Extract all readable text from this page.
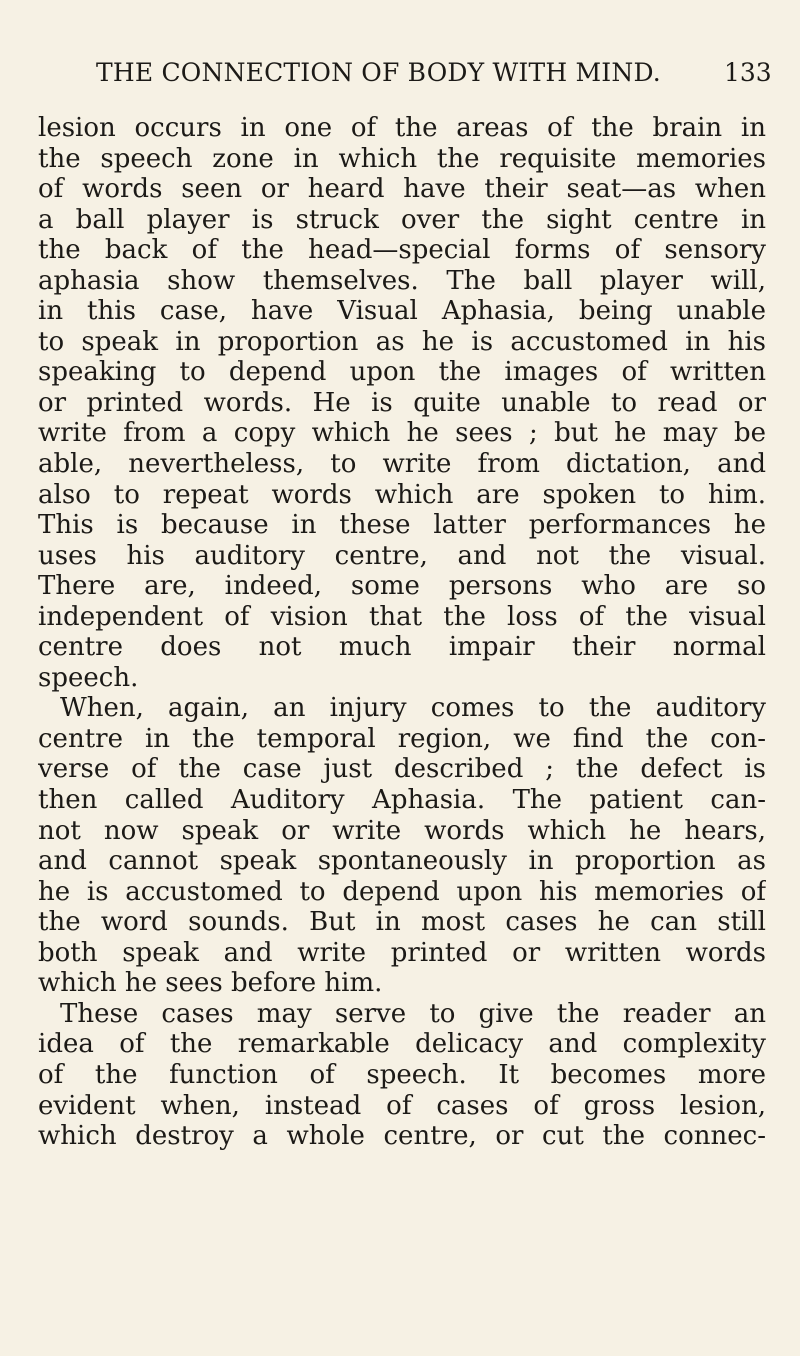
THE CONNECTION OF BODY WITH MIND.	133
lesion occurs in one of the areas of the brain in
the speech zone in which the requisite memories
of words seen or heard have their seat—as when
a ball player is struck over the sight centre in
the back of the head—special forms of sensory
aphasia show themselves. The ball player will,
in this case, have Visual Aphasia, being unable
to speak in proportion as he is accustomed in his
speaking to depend upon the images of written
or printed words. He is quite unable to read or
write from a copy which he sees ; but he may be
able, nevertheless, to write from dictation, and
also to repeat words which are spoken to him.
This is because in these latter performances he
uses his auditory centre, and not the visual.
There are, indeed, some persons who are so
independent of vision that the loss of the visual
centre does not much impair their normal
speech.
When, again, an injury comes to the auditory
centre in the temporal region, we find the con-
verse of the case just described ; the defect is
then called Auditory Aphasia. The patient can-
not now speak or write words which he hears,
and cannot speak spontaneously in proportion as
he is accustomed to depend upon his memories of
the word sounds. But in most cases he can still
both speak and write printed or written words
which he sees before him.
These cases may serve to give the reader an
idea of the remarkable delicacy and complexity
of the function of speech. It becomes more
evident when, instead of cases of gross lesion,
which destroy a whole centre, or cut the connec-
